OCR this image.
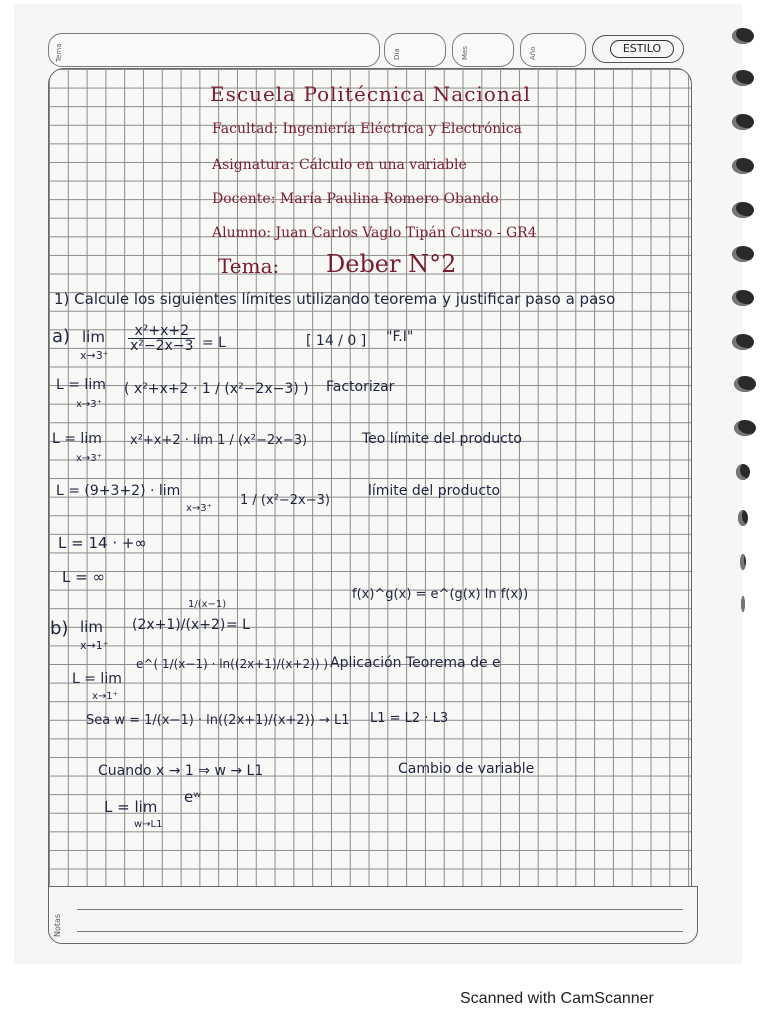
Tema	Día	Mes	Año	ESTILO
Notas
Escuela Politécnica Nacional
Facultad: Ingeniería Eléctrica y Electrónica
Asignatura: Cálculo en una variable
Docente: María Paulina Romero Obando
Alumno: Juan Carlos Vaglo Tipán Curso - GR4
Tema: Deber N°2
1) Calcule los siguientes límites utilizando teorema y justificar paso a paso
a) lim
x→3⁺
$\frac{\text{x²+x+2}}{\text{x²−2x−3}} = L$	[ 14 / 0 ] "F.I"
L = lim
x→3⁺
( x²+x+2 · 1 / (x²−2x−3) ) Factorizar
L = lim
x→3⁺
x²+x+2 · lim 1 / (x²−2x−3)	Teo límite del producto
L = (9+3+2) · lim
x→3⁺
1 / (x²−2x−3)
límite del producto
L = 14 · +∞
L = ∞
b) lim
x→1⁺
(2x+1)/(x+2)
1/(x−1)
= L
f(x)^g(x) = e^(g(x) ln f(x))
L = lim
x→1⁺
e^( 1/(x−1) · ln((2x+1)/(x+2)) ) Aplicación Teorema de e
Sea w = 1/(x−1) · ln((2x+1)/(x+2)) → L1 L1 = L2 · L3
Cuando x → 1 ⇒ w → L1	Cambio de variable
L = lim
w→L1
eʷ
Scanned with CamScanner
